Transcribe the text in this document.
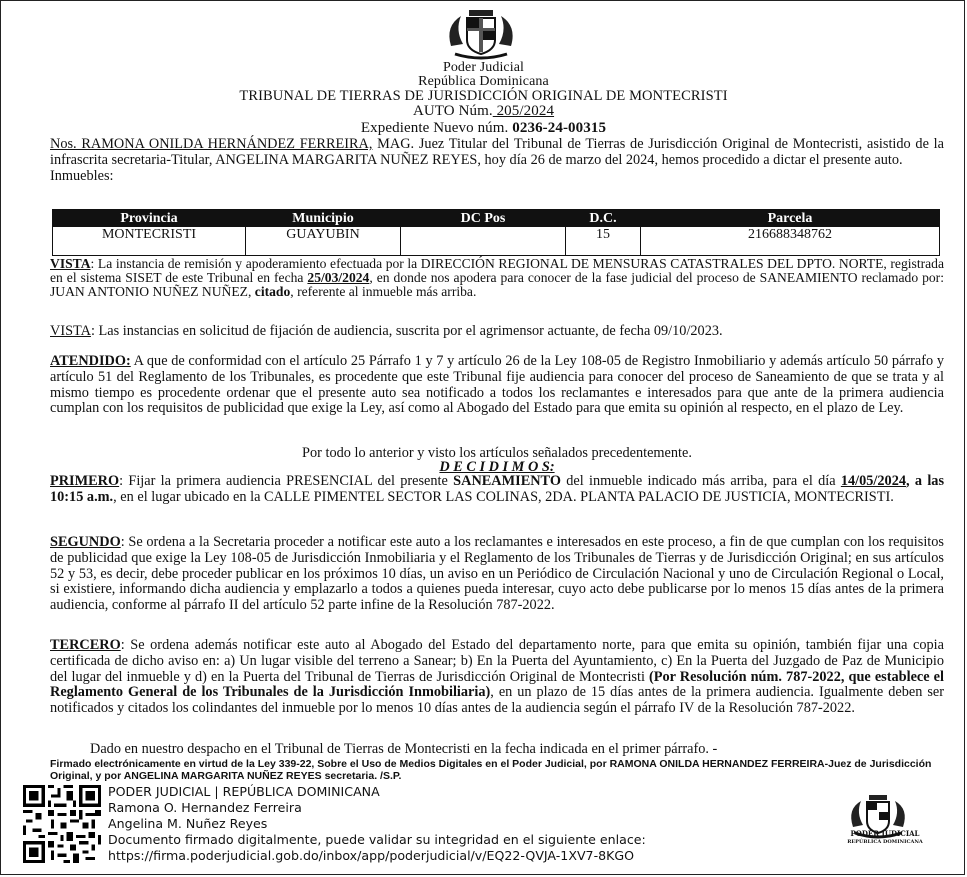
Poder Judicial
República Dominicana
TRIBUNAL DE TIERRAS DE JURISDICCIÓN ORIGINAL DE MONTECRISTI
AUTO Núm. 205/2024
Expediente Nuevo núm. 0236-24-00315
Nos. RAMONA ONILDA HERNÁNDEZ FERREIRA, MAG. Juez Titular del Tribunal de Tierras de Jurisdicción Original de Montecristi, asistido de la infrascrita secretaria-Titular, ANGELINA MARGARITA NUÑEZ REYES, hoy día 26 de marzo del 2024, hemos procedido a dictar el presente auto.
Inmuebles:
Provincia	Municipio	DC Pos	D.C.	Parcela
MONTECRISTI	GUAYUBIN		15	216688348762
VISTA: La instancia de remisión y apoderamiento efectuada por la DIRECCIÓN REGIONAL DE MENSURAS CATASTRALES DEL DPTO. NORTE, registrada en el sistema SISET de este Tribunal en fecha 25/03/2024, en donde nos apodera para conocer de la fase judicial del proceso de SANEAMIENTO reclamado por: JUAN ANTONIO NUÑEZ NUÑEZ, citado, referente al inmueble más arriba.
VISTA: Las instancias en solicitud de fijación de audiencia, suscrita por el agrimensor actuante, de fecha 09/10/2023.
ATENDIDO: A que de conformidad con el artículo 25 Párrafo 1 y 7 y artículo 26 de la Ley 108-05 de Registro Inmobiliario y además artículo 50 párrafo y artículo 51 del Reglamento de los Tribunales, es procedente que este Tribunal fije audiencia para conocer del proceso de Saneamiento de que se trata y al mismo tiempo es procedente ordenar que el presente auto sea notificado a todos los reclamantes e interesados para que ante de la primera audiencia cumplan con los requisitos de publicidad que exige la Ley, así como al Abogado del Estado para que emita su opinión al respecto, en el plazo de Ley.
Por todo lo anterior y visto los artículos señalados precedentemente.
D E C I D I M O S:
PRIMERO: Fijar la primera audiencia PRESENCIAL del presente SANEAMIENTO del inmueble indicado más arriba, para el día 14/05/2024, a las 10:15 a.m., en el lugar ubicado en la CALLE PIMENTEL SECTOR LAS COLINAS, 2DA. PLANTA PALACIO DE JUSTICIA, MONTECRISTI.
SEGUNDO: Se ordena a la Secretaria proceder a notificar este auto a los reclamantes e interesados en este proceso, a fin de que cumplan con los requisitos de publicidad que exige la Ley 108-05 de Jurisdicción Inmobiliaria y el Reglamento de los Tribunales de Tierras y de Jurisdicción Original; en sus artículos 52 y 53, es decir, debe proceder publicar en los próximos 10 días, un aviso en un Periódico de Circulación Nacional y uno de Circulación Regional o Local, si existiere, informando dicha audiencia y emplazarlo a todos a quienes pueda interesar, cuyo acto debe publicarse por lo menos 15 días antes de la primera audiencia, conforme al párrafo II del artículo 52 parte infine de la Resolución 787-2022.
TERCERO: Se ordena además notificar este auto al Abogado del Estado del departamento norte, para que emita su opinión, también fijar una copia certificada de dicho aviso en: a) Un lugar visible del terreno a Sanear; b) En la Puerta del Ayuntamiento, c) En la Puerta del Juzgado de Paz de Municipio del lugar del inmueble y d) en la Puerta del Tribunal de Tierras de Jurisdicción Original de Montecristi (Por Resolución núm. 787-2022, que establece el Reglamento General de los Tribunales de la Jurisdicción Inmobiliaria), en un plazo de 15 días antes de la primera audiencia. Igualmente deben ser notificados y citados los colindantes del inmueble por lo menos 10 días antes de la audiencia según el párrafo IV de la Resolución 787-2022.
Dado en nuestro despacho en el Tribunal de Tierras de Montecristi en la fecha indicada en el primer párrafo. -
Firmado electrónicamente en virtud de la Ley 339-22, Sobre el Uso de Medios Digitales en el Poder Judicial, por RAMONA ONILDA HERNANDEZ FERREIRA-Juez de Jurisdicción Original, y por ANGELINA MARGARITA NUÑEZ REYES secretaria. /S.P.
PODER JUDICIAL | REPÚBLICA DOMINICANA
Ramona O. Hernandez Ferreira
Angelina M. Nuñez Reyes
Documento firmado digitalmente, puede validar su integridad en el siguiente enlace:
https://firma.poderjudicial.gob.do/inbox/app/poderjudicial/v/EQ22-QVJA-1XV7-8KGO
PODER JUDICIAL
REPÚBLICA DOMINICANA
